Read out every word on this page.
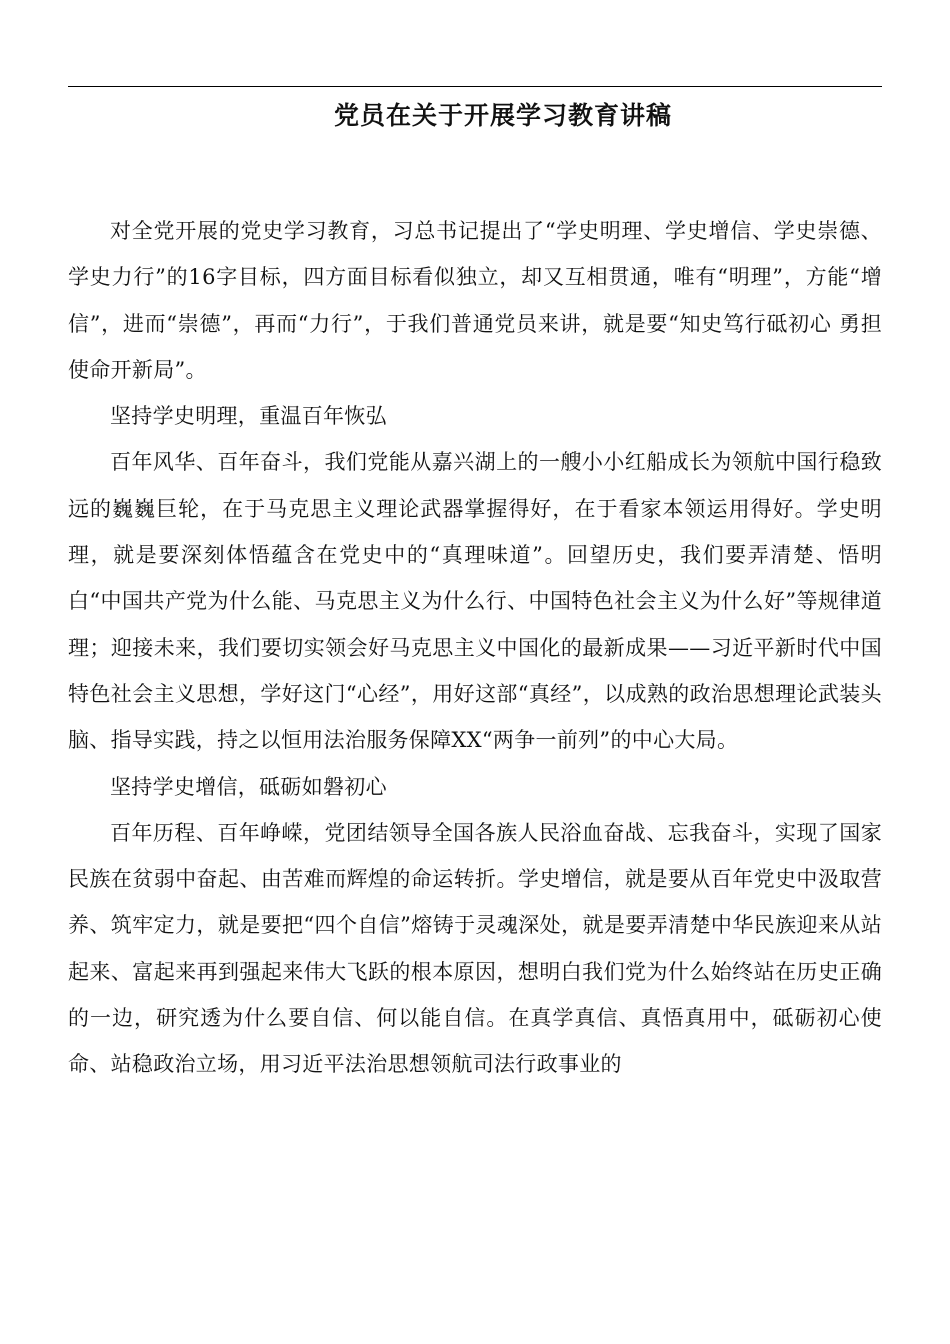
党员在关于开展学习教育讲稿

对全党开展的党史学习教育，习总书记提出了“学史明理、学史增信、学史崇德、学史力行”的16字目标，四方面目标看似独立，却又互相贯通，唯有“明理”，方能“增信”，进而“崇德”，再而“力行”，于我们普通党员来讲，就是要“知史笃行砥初心 勇担使命开新局”。

坚持学史明理，重温百年恢弘

百年风华、百年奋斗，我们党能从嘉兴湖上的一艘小小红船成长为领航中国行稳致远的巍巍巨轮，在于马克思主义理论武器掌握得好，在于看家本领运用得好。学史明理，就是要深刻体悟蕴含在党史中的“真理味道”。回望历史，我们要弄清楚、悟明白“中国共产党为什么能、马克思主义为什么行、中国特色社会主义为什么好”等规律道理；迎接未来，我们要切实领会好马克思主义中国化的最新成果——习近平新时代中国特色社会主义思想，学好这门“心经”，用好这部“真经”，以成熟的政治思想理论武装头脑、指导实践，持之以恒用法治服务保障XX“两争一前列”的中心大局。

坚持学史增信，砥砺如磐初心

百年历程、百年峥嵘，党团结领导全国各族人民浴血奋战、忘我奋斗，实现了国家民族在贫弱中奋起、由苦难而辉煌的命运转折。学史增信，就是要从百年党史中汲取营养、筑牢定力，就是要把“四个自信”熔铸于灵魂深处，就是要弄清楚中华民族迎来从站起来、富起来再到强起来伟大飞跃的根本原因，想明白我们党为什么始终站在历史正确的一边，研究透为什么要自信、何以能自信。在真学真信、真悟真用中，砥砺初心使命、站稳政治立场，用习近平法治思想领航司法行政事业的
